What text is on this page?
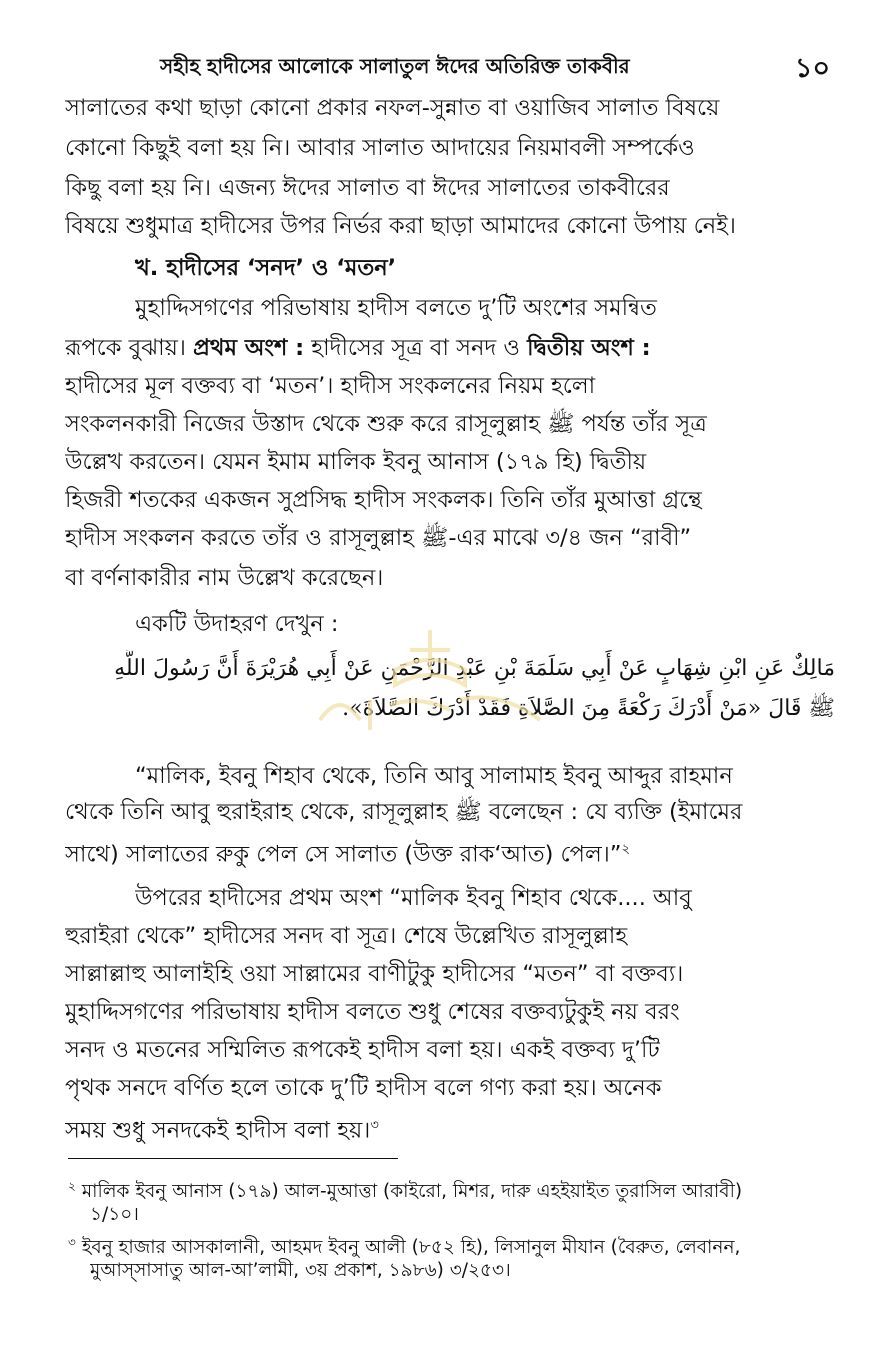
সহীহ হাদীসের আলোকে সালাতুল ঈদের অতিরিক্ত তাকবীর	১০
সালাতের কথা ছাড়া কোনো প্রকার নফল-সুন্নাত বা ওয়াজিব সালাত বিষয়ে
কোনো কিছুই বলা হয় নি। আবার সালাত আদায়ের নিয়মাবলী সম্পর্কেও
কিছু বলা হয় নি। এজন্য ঈদের সালাত বা ঈদের সালাতের তাকবীরের
বিষয়ে শুধুমাত্র হাদীসের উপর নির্ভর করা ছাড়া আমাদের কোনো উপায় নেই।
খ. হাদীসের ‘সনদ’ ও ‘মতন’
মুহাদ্দিসগণের পরিভাষায় হাদীস বলতে দু’টি অংশের সমন্বিত
রূপকে বুঝায়। প্রথম অংশ : হাদীসের সূত্র বা সনদ ও দ্বিতীয় অংশ :
হাদীসের মূল বক্তব্য বা ‘মতন’। হাদীস সংকলনের নিয়ম হলো
সংকলনকারী নিজের উস্তাদ থেকে শুরু করে রাসূলুল্লাহ ﷺ পর্যন্ত তাঁর সূত্র
উল্লেখ করতেন। যেমন ইমাম মালিক ইবনু আনাস (১৭৯ হি) দ্বিতীয়
হিজরী শতকের একজন সুপ্রসিদ্ধ হাদীস সংকলক। তিনি তাঁর মুআত্তা গ্রন্থে
হাদীস সংকলন করতে তাঁর ও রাসূলুল্লাহ ﷺ-এর মাঝে ৩/৪ জন “রাবী”
বা বর্ণনাকারীর নাম উল্লেখ করেছেন।
একটি উদাহরণ দেখুন :
مَالِكٌ عَنِ ابْنِ شِهَابٍ عَنْ أَبِي سَلَمَةَ بْنِ عَبْدِ الرَّحْمَنِ عَنْ أَبِي هُرَيْرَةَ أَنَّ رَسُولَ اللَّهِ
ﷺ قَالَ «مَنْ أَدْرَكَ رَكْعَةً مِنَ الصَّلاَةِ فَقَدْ أَدْرَكَ الصَّلاَةَ».
“মালিক, ইবনু শিহাব থেকে, তিনি আবু সালামাহ ইবনু আব্দুর রাহমান
থেকে তিনি আবু হুরাইরাহ থেকে, রাসূলুল্লাহ ﷺ বলেছেন : যে ব্যক্তি (ইমামের
সাথে) সালাতের রুকু পেল সে সালাত (উক্ত রাক‘আত) পেল।”$^২$
উপরের হাদীসের প্রথম অংশ “মালিক ইবনু শিহাব থেকে.... আবু
হুরাইরা থেকে” হাদীসের সনদ বা সূত্র। শেষে উল্লেখিত রাসূলুল্লাহ
সাল্লাল্লাহু আলাইহি ওয়া সাল্লামের বাণীটুকু হাদীসের “মতন” বা বক্তব্য।
মুহাদ্দিসগণের পরিভাষায় হাদীস বলতে শুধু শেষের বক্তব্যটুকুই নয় বরং
সনদ ও মতনের সম্মিলিত রূপকেই হাদীস বলা হয়। একই বক্তব্য দু’টি
পৃথক সনদে বর্ণিত হলে তাকে দু’টি হাদীস বলে গণ্য করা হয়। অনেক
সময় শুধু সনদকেই হাদীস বলা হয়।$^৩$
$^২$ মালিক ইবনু আনাস (১৭৯) আল-মুআত্তা (কাইরো, মিশর, দারু এহইয়াইত তুরাসিল আরাবী)
১/১০।
$^৩$ ইবনু হাজার আসকালানী, আহমদ ইবনু আলী (৮৫২ হি), লিসানুল মীযান (বৈরুত, লেবানন,
মুআস্‌সাসাতু আল-আ’লামী, ৩য় প্রকাশ, ১৯৮৬) ৩/২৫৩।
